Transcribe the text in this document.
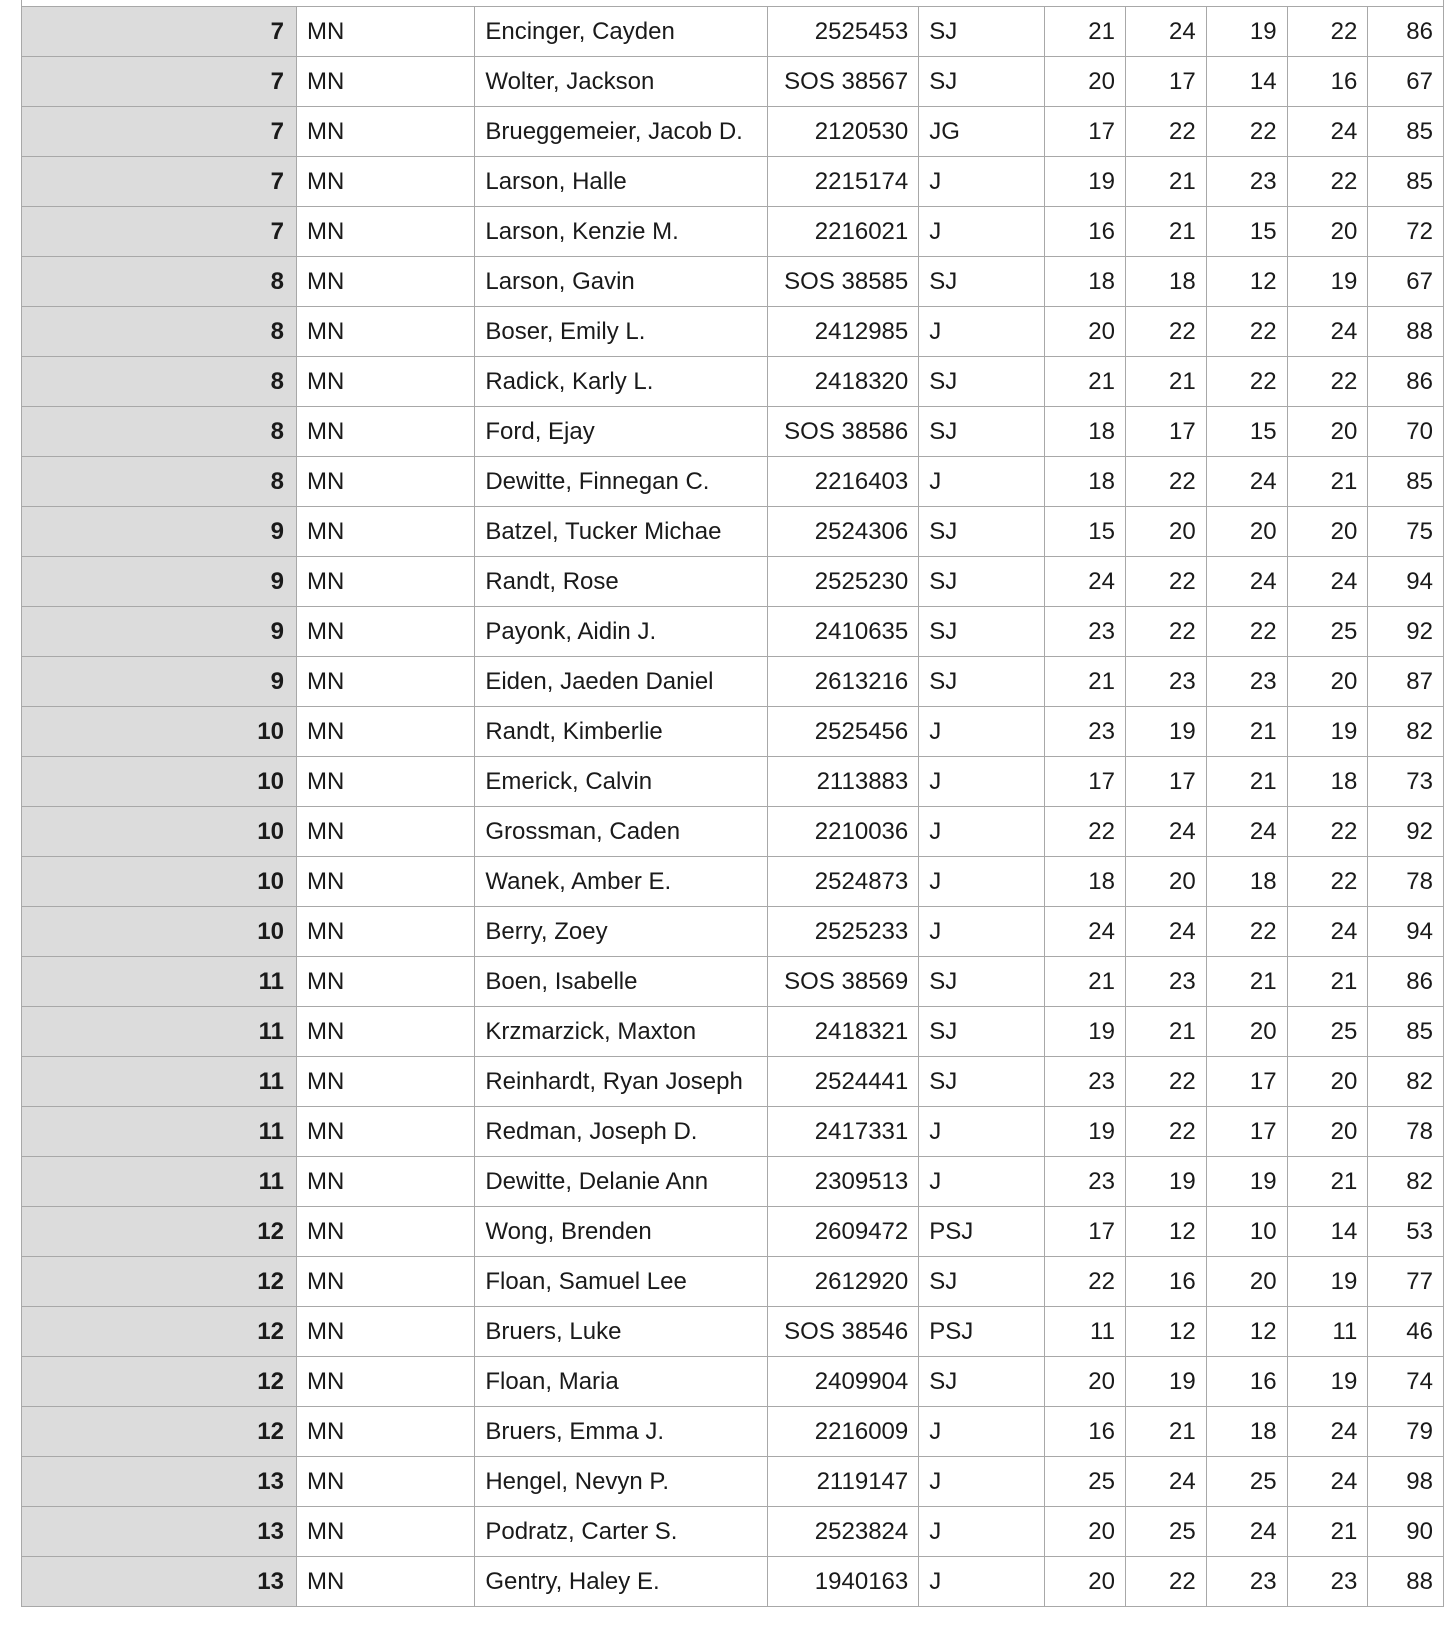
7	MN	Encinger, Cayden	2525453	SJ	21	24	19	22	86
7	MN	Wolter, Jackson	SOS 38567	SJ	20	17	14	16	67
7	MN	Brueggemeier, Jacob D.	2120530	JG	17	22	22	24	85
7	MN	Larson, Halle	2215174	J	19	21	23	22	85
7	MN	Larson, Kenzie M.	2216021	J	16	21	15	20	72
8	MN	Larson, Gavin	SOS 38585	SJ	18	18	12	19	67
8	MN	Boser, Emily L.	2412985	J	20	22	22	24	88
8	MN	Radick, Karly L.	2418320	SJ	21	21	22	22	86
8	MN	Ford, Ejay	SOS 38586	SJ	18	17	15	20	70
8	MN	Dewitte, Finnegan C.	2216403	J	18	22	24	21	85
9	MN	Batzel, Tucker Michae	2524306	SJ	15	20	20	20	75
9	MN	Randt, Rose	2525230	SJ	24	22	24	24	94
9	MN	Payonk, Aidin J.	2410635	SJ	23	22	22	25	92
9	MN	Eiden, Jaeden Daniel	2613216	SJ	21	23	23	20	87
10	MN	Randt, Kimberlie	2525456	J	23	19	21	19	82
10	MN	Emerick, Calvin	2113883	J	17	17	21	18	73
10	MN	Grossman, Caden	2210036	J	22	24	24	22	92
10	MN	Wanek, Amber E.	2524873	J	18	20	18	22	78
10	MN	Berry, Zoey	2525233	J	24	24	22	24	94
11	MN	Boen, Isabelle	SOS 38569	SJ	21	23	21	21	86
11	MN	Krzmarzick, Maxton	2418321	SJ	19	21	20	25	85
11	MN	Reinhardt, Ryan Joseph	2524441	SJ	23	22	17	20	82
11	MN	Redman, Joseph D.	2417331	J	19	22	17	20	78
11	MN	Dewitte, Delanie Ann	2309513	J	23	19	19	21	82
12	MN	Wong, Brenden	2609472	PSJ	17	12	10	14	53
12	MN	Floan, Samuel Lee	2612920	SJ	22	16	20	19	77
12	MN	Bruers, Luke	SOS 38546	PSJ	11	12	12	11	46
12	MN	Floan, Maria	2409904	SJ	20	19	16	19	74
12	MN	Bruers, Emma J.	2216009	J	16	21	18	24	79
13	MN	Hengel, Nevyn P.	2119147	J	25	24	25	24	98
13	MN	Podratz, Carter S.	2523824	J	20	25	24	21	90
13	MN	Gentry, Haley E.	1940163	J	20	22	23	23	88
